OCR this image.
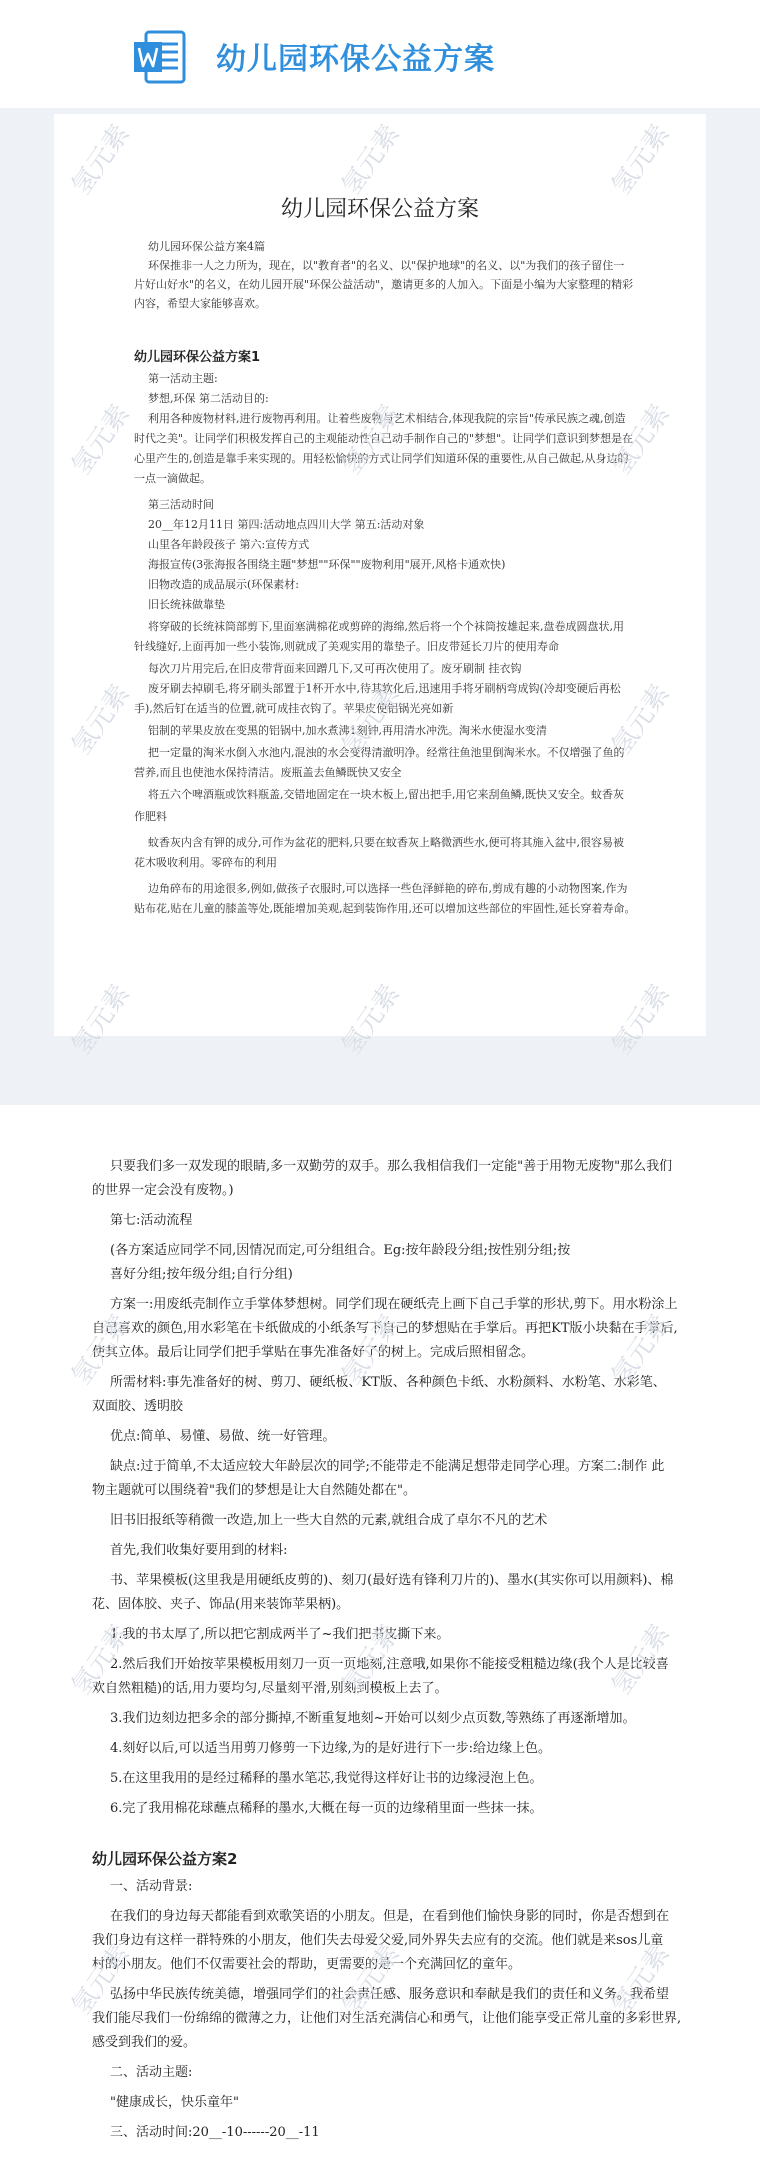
幼儿园环保公益方案
幼儿园环保公益方案
幼儿园环保公益方案4篇
环保推非一人之力所为，现在，以"教育者"的名义、以"保护地球"的名义、以"为我们的孩子留住一
片好山好水"的名义，在幼儿园开展"环保公益活动"，邀请更多的人加入。下面是小编为大家整理的精彩
内容，希望大家能够喜欢。
幼儿园环保公益方案1
第一活动主题:
梦想,环保 第二活动目的:
利用各种废物材料,进行废物再利用。让着些废物与艺术相结合,体现我院的宗旨"传承民族之魂,创造
时代之美"。让同学们积极发挥自己的主观能动性自己动手制作自己的"梦想"。让同学们意识到梦想是在
心里产生的,创造是靠手来实现的。用轻松愉快的方式让同学们知道环保的重要性,从自己做起,从身边的
一点一滴做起。
第三活动时间
20__年12月11日 第四:活动地点四川大学 第五:活动对象
山里各年龄段孩子 第六:宣传方式
海报宣传(3张海报各围绕主题"梦想""环保""废物利用"展开,风格卡通欢快)
旧物改造的成品展示(环保素材:
旧长统袜做靠垫
将穿破的长统袜筒部剪下,里面塞满棉花或剪碎的海绵,然后将一个个袜筒按雄起来,盘卷成圆盘状,用
针线缝好,上面再加一些小装饰,则就成了美观实用的靠垫子。旧皮带延长刀片的使用寿命
每次刀片用完后,在旧皮带背面来回蹭几下,又可再次使用了。废牙刷制 挂衣钩
废牙刷去掉刷毛,将牙刷头部置于1杯开水中,待其软化后,迅速用手将牙刷柄弯成钩(冷却变硬后再松
手),然后钉在适当的位置,就可成挂衣钩了。苹果皮使铝锅光亮如新
铝制的苹果皮放在变黑的铝锅中,加水煮沸1刻钟,再用清水冲洗。淘米水使湿水变清
把一定量的淘米水倒入水池内,混浊的水会变得清澈明净。经常往鱼池里倒淘米水。不仅增强了鱼的
营养,而且也使池水保持清洁。废瓶盖去鱼鳞既快又安全
将五六个啤酒瓶或饮料瓶盖,交错地固定在一块木板上,留出把手,用它来刮鱼鳞,既快又安全。蚊香灰
作肥料
蚊香灰内含有钾的成分,可作为盆花的肥料,只要在蚊香灰上略微洒些水,便可将其施入盆中,很容易被
花木吸收利用。零碎布的利用
边角碎布的用途很多,例如,做孩子衣服时,可以选择一些色泽鲜艳的碎布,剪成有趣的小动物图案,作为
贴布花,贴在儿童的膝盖等处,既能增加美观,起到装饰作用,还可以增加这些部位的牢固性,延长穿着寿命。
只要我们多一双发现的眼睛,多一双勤劳的双手。那么我相信我们一定能"善于用物无废物"那么我们
的世界一定会没有废物。)
第七:活动流程
(各方案适应同学不同,因情况而定,可分组组合。Eg:按年龄段分组;按性别分组;按
喜好分组;按年级分组;自行分组)
方案一:用废纸壳制作立手掌体梦想树。同学们现在硬纸壳上画下自己手掌的形状,剪下。用水粉涂上
自己喜欢的颜色,用水彩笔在卡纸做成的小纸条写下自己的梦想贴在手掌后。再把KT版小块黏在手掌后,
使其立体。最后让同学们把手掌贴在事先准备好了的树上。完成后照相留念。
所需材料:事先准备好的树、剪刀、硬纸板、KT版、各种颜色卡纸、水粉颜料、水粉笔、水彩笔、
双面胶、透明胶
优点:简单、易懂、易做、统一好管理。
缺点:过于简单,不太适应较大年龄层次的同学;不能带走不能满足想带走同学心理。方案二:制作 此
物主题就可以围绕着"我们的梦想是让大自然随处都在"。
旧书旧报纸等稍微一改造,加上一些大自然的元素,就组合成了卓尔不凡的艺术
首先,我们收集好要用到的材料:
书、苹果模板(这里我是用硬纸皮剪的)、刻刀(最好选有锋利刀片的)、墨水(其实你可以用颜料)、棉
花、固体胶、夹子、饰品(用来装饰苹果柄)。
1.我的书太厚了,所以把它割成两半了~我们把书皮撕下来。
2.然后我们开始按苹果模板用刻刀一页一页地刻,注意哦,如果你不能接受粗糙边缘(我个人是比较喜
欢自然粗糙)的话,用力要均匀,尽量刻平滑,别刻到模板上去了。
3.我们边刻边把多余的部分撕掉,不断重复地刻~开始可以刻少点页数,等熟练了再逐渐增加。
4.刻好以后,可以适当用剪刀修剪一下边缘,为的是好进行下一步:给边缘上色。
5.在这里我用的是经过稀释的墨水笔芯,我觉得这样好让书的边缘浸泡上色。
6.完了我用棉花球蘸点稀释的墨水,大概在每一页的边缘稍里面一些抹一抹。
幼儿园环保公益方案2
一、活动背景:
在我们的身边每天都能看到欢歌笑语的小朋友。但是，在看到他们愉快身影的同时，你是否想到在
我们身边有这样一群特殊的小朋友，他们失去母爱父爱,同外界失去应有的交流。他们就是来sos儿童
村的小朋友。他们不仅需要社会的帮助，更需要的是一个充满回忆的童年。
弘扬中华民族传统美德，增强同学们的社会责任感、服务意识和奉献是我们的责任和义务。我希望
我们能尽我们一份绵绵的微薄之力，让他们对生活充满信心和勇气，让他们能享受正常儿童的多彩世界,
感受到我们的爱。
二、活动主题:
"健康成长，快乐童年"
三、活动时间:20__-10------20__-11
氢元素	氢元素	氢元素
氢元素	氢元素	氢元素
氢元素	氢元素	氢元素
氢元素	氢元素	氢元素
氢元素	氢元素	氢元素
氢元素	氢元素	氢元素
氢元素	氢元素	氢元素
